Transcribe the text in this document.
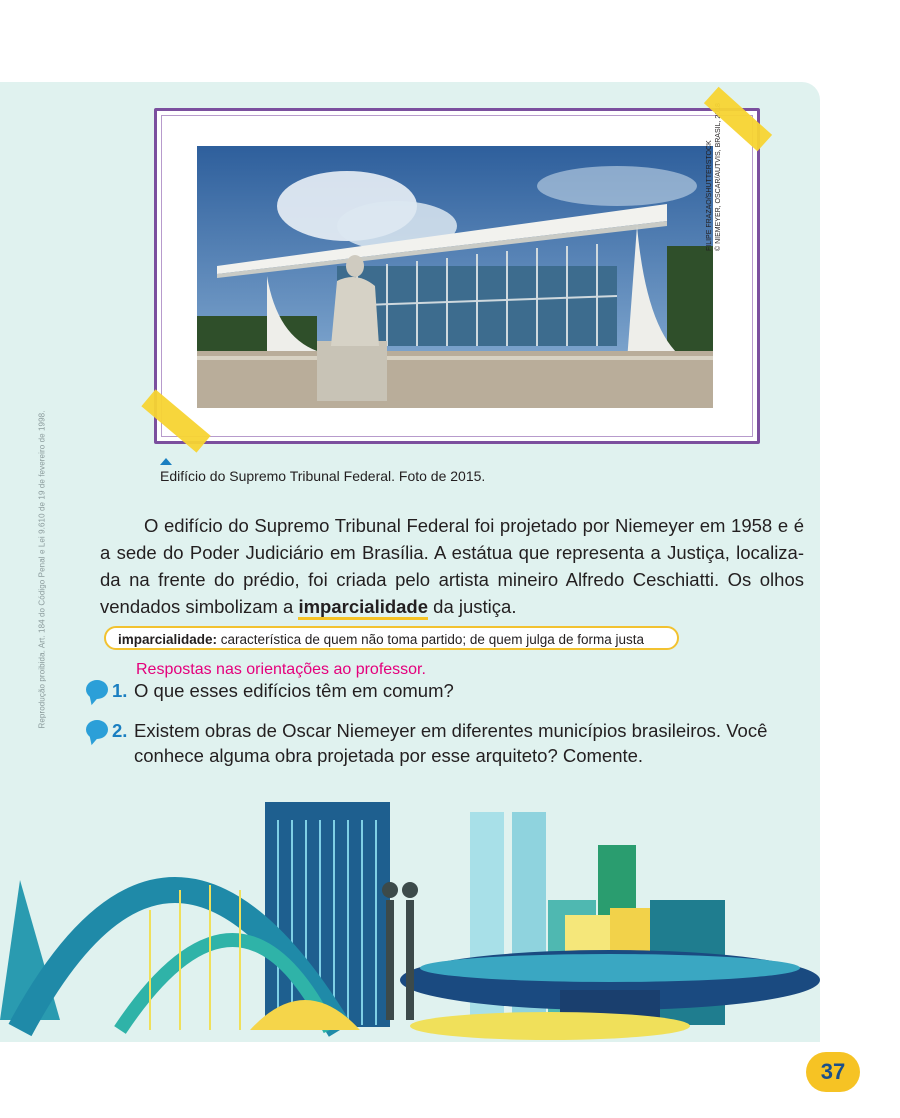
Reprodução proibida. Art. 184 do Código Penal e Lei 9.610 de 19 de fevereiro de 1998.
FILIPE FRAZAO/SHUTTERSTOCK © NIEMEYER, OSCAR/AUTVIS, BRASIL, 2018
Edifício do Supremo Tribunal Federal. Foto de 2015.

O edifício do Supremo Tribunal Federal foi projetado por Niemeyer em 1958 e é a sede do Poder Judiciário em Brasília. A estátua que representa a Justiça, localiza-da na frente do prédio, foi criada pelo artista mineiro Alfredo Ceschiatti. Os olhos vendados simbolizam a imparcialidade da justiça.

imparcialidade: característica de quem não toma partido; de quem julga de forma justa
Respostas nas orientações ao professor.
1. O que esses edifícios têm em comum?
2. Existem obras de Oscar Niemeyer em diferentes municípios brasileiros. Você conhece alguma obra projetada por esse arquiteto? Comente.
37
